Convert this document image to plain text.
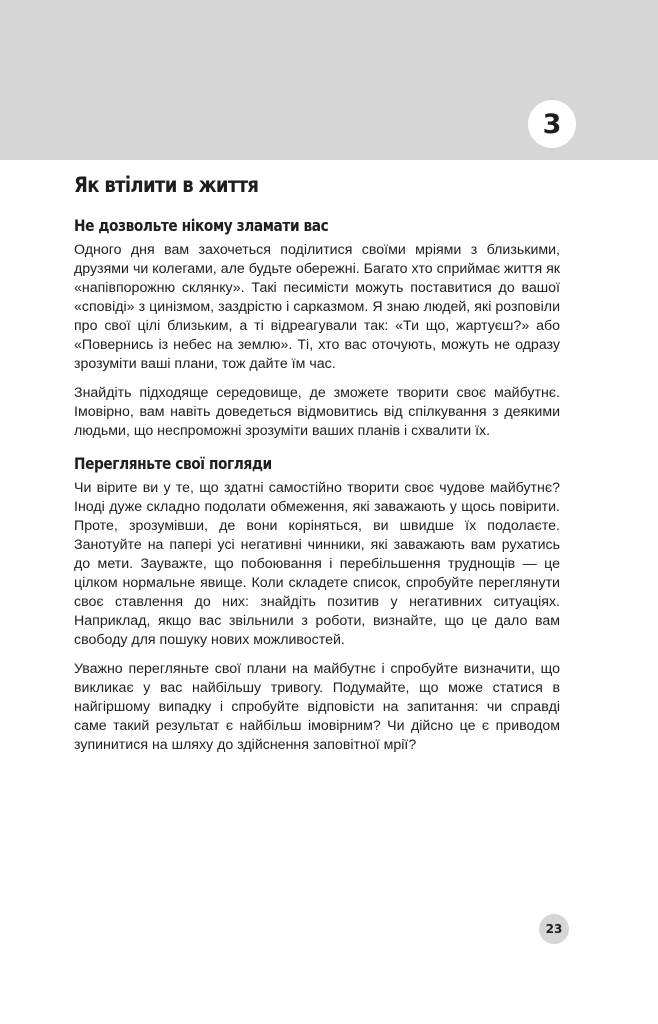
3
Як втілити в життя
Не дозвольте нікому зламати вас

Одного дня вам захочеться поділитися своїми мріями з близькими, друзями чи колегами, але будьте обережні. Багато хто сприймає життя як «напівпорожню склянку». Такі песимісти можуть поставитися до вашої «сповіді» з цинізмом, заздрістю і сарказмом. Я знаю людей, які розповіли про свої цілі близьким, а ті відреагували так: «Ти що, жартуєш?» або «Повернись із небес на землю». Ті, хто вас оточують, можуть не одразу зрозуміти ваші плани, тож дайте їм час.

Знайдіть підходяще середовище, де зможете творити своє майбутнє. Імовірно, вам навіть доведеться відмовитись від спілкування з деякими людьми, що неспроможні зрозуміти ваших планів і схвалити їх.

Перегляньте свої погляди

Чи вірите ви у те, що здатні самостійно творити своє чудове майбутнє? Іноді дуже складно подолати обмеження, які заважають у щось повірити. Проте, зрозумівши, де вони коріняться, ви швидше їх подолаєте. Занотуйте на папері усі негативні чинники, які заважають вам рухатись до мети. Зауважте, що побоювання і перебільшення труднощів — це цілком нормальне явище. Коли складете список, спробуйте переглянути своє ставлення до них: знайдіть позитив у негативних ситуаціях. Наприклад, якщо вас звільнили з роботи, визнайте, що це дало вам свободу для пошуку нових можливостей.

Уважно перегляньте свої плани на майбутнє і спробуйте визначити, що викликає у вас найбільшу тривогу. Подумайте, що може статися в найгіршому випадку і спробуйте відповісти на запитання: чи справді саме такий результат є найбільш імовірним? Чи дійсно це є приводом зупинитися на шляху до здійснення заповітної мрії?

23
